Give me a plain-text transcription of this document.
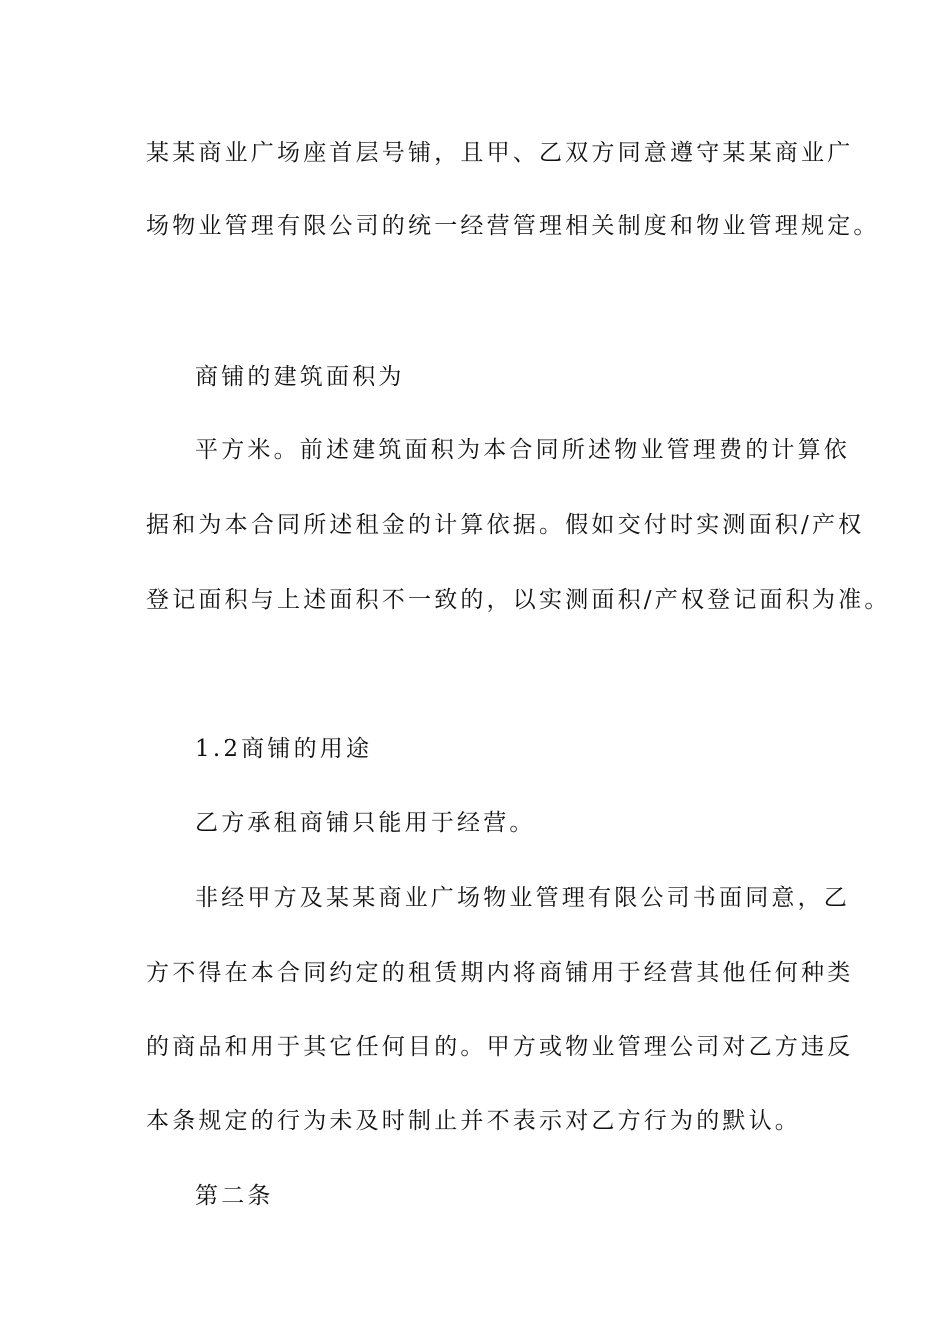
某某商业广场座首层号铺，且甲、乙双方同意遵守某某商业广

场物业管理有限公司的统一经营管理相关制度和物业管理规定。

商铺的建筑面积为

平方米。前述建筑面积为本合同所述物业管理费的计算依

据和为本合同所述租金的计算依据。假如交付时实测面积/产权

登记面积与上述面积不一致的，以实测面积/产权登记面积为准。

1.2商铺的用途

乙方承租商铺只能用于经营。

非经甲方及某某商业广场物业管理有限公司书面同意，乙

方不得在本合同约定的租赁期内将商铺用于经营其他任何种类

的商品和用于其它任何目的。甲方或物业管理公司对乙方违反

本条规定的行为未及时制止并不表示对乙方行为的默认。

第二条
